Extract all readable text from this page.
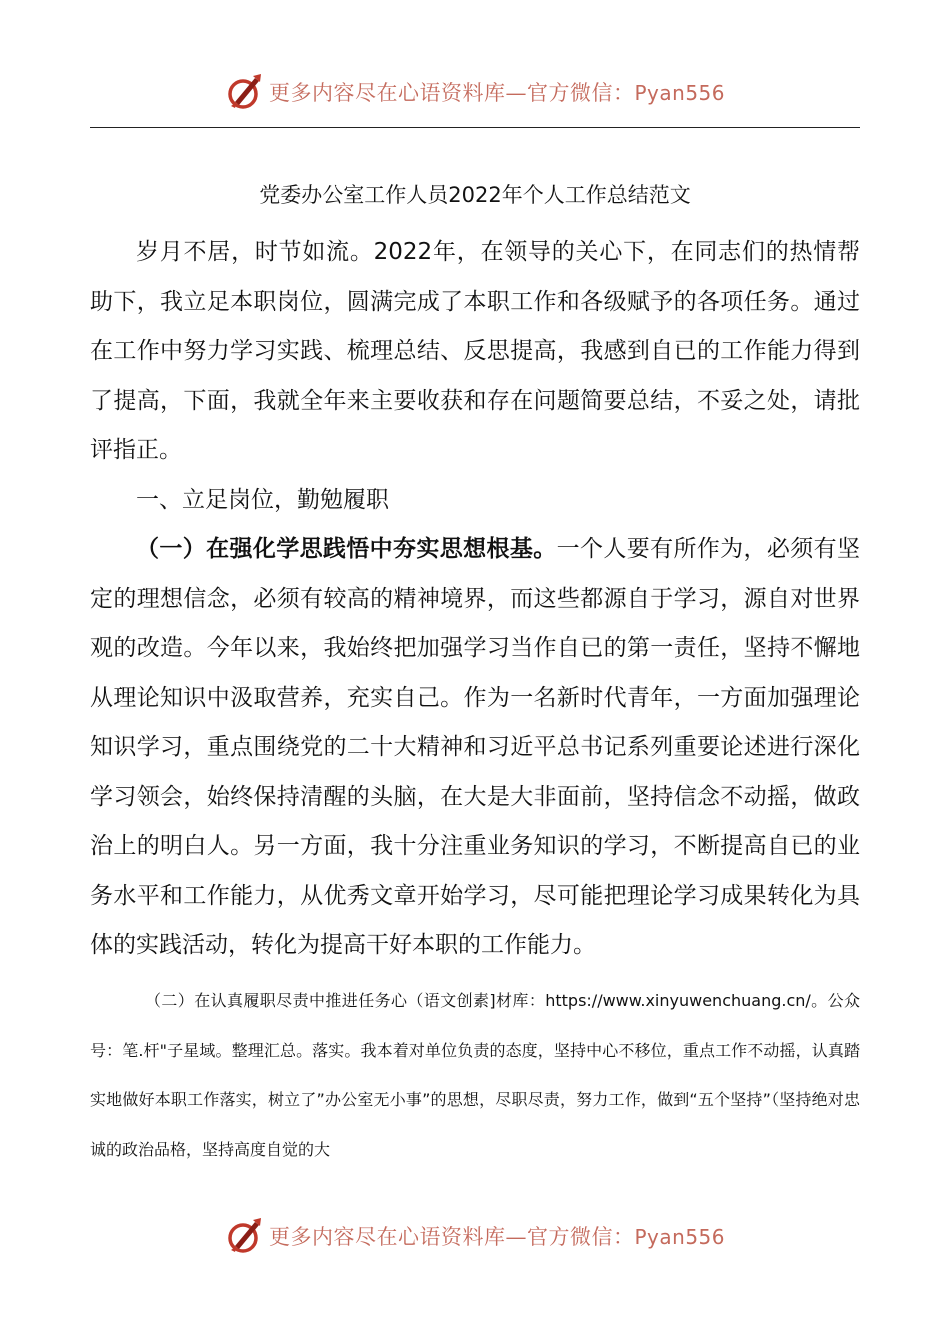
更多内容尽在心语资料库—官方微信：Pyan556
党委办公室工作人员2022年个人工作总结范文

岁月不居，时节如流。2022年，在领导的关心下，在同志们的热情帮助下，我立足本职岗位，圆满完成了本职工作和各级赋予的各项任务。通过在工作中努力学习实践、梳理总结、反思提高，我感到自已的工作能力得到了提高，下面，我就全年来主要收获和存在问题简要总结，不妥之处，请批评指正。

一、立足岗位，勤勉履职

（一）在强化学思践悟中夯实思想根基。一个人要有所作为，必须有坚定的理想信念，必须有较高的精神境界，而这些都源自于学习，源自对世界观的改造。今年以来，我始终把加强学习当作自已的第一责任，坚持不懈地从理论知识中汲取营养，充实自己。作为一名新时代青年，一方面加强理论知识学习，重点围绕党的二十大精神和习近平总书记系列重要论述进行深化学习领会，始终保持清醒的头脑，在大是大非面前，坚持信念不动摇，做政治上的明白人。另一方面，我十分注重业务知识的学习，不断提高自已的业务水平和工作能力，从优秀文章开始学习，尽可能把理论学习成果转化为具体的实践活动，转化为提高干好本职的工作能力。

（二）在认真履职尽责中推进任务心（语文创素]材库：https://www.xinyuwenchuang.cn/。公众号：笔.杆"子星域。整理汇总。落实。我本着对单位负责的态度，坚持中心不移位，重点工作不动摇，认真踏实地做好本职工作落实，树立了”办公室无小事”的思想，尽职尽责，努力工作，做到“五个坚持”（坚持绝对忠诚的政治品格，坚持高度自觉的大

更多内容尽在心语资料库—官方微信：Pyan556
